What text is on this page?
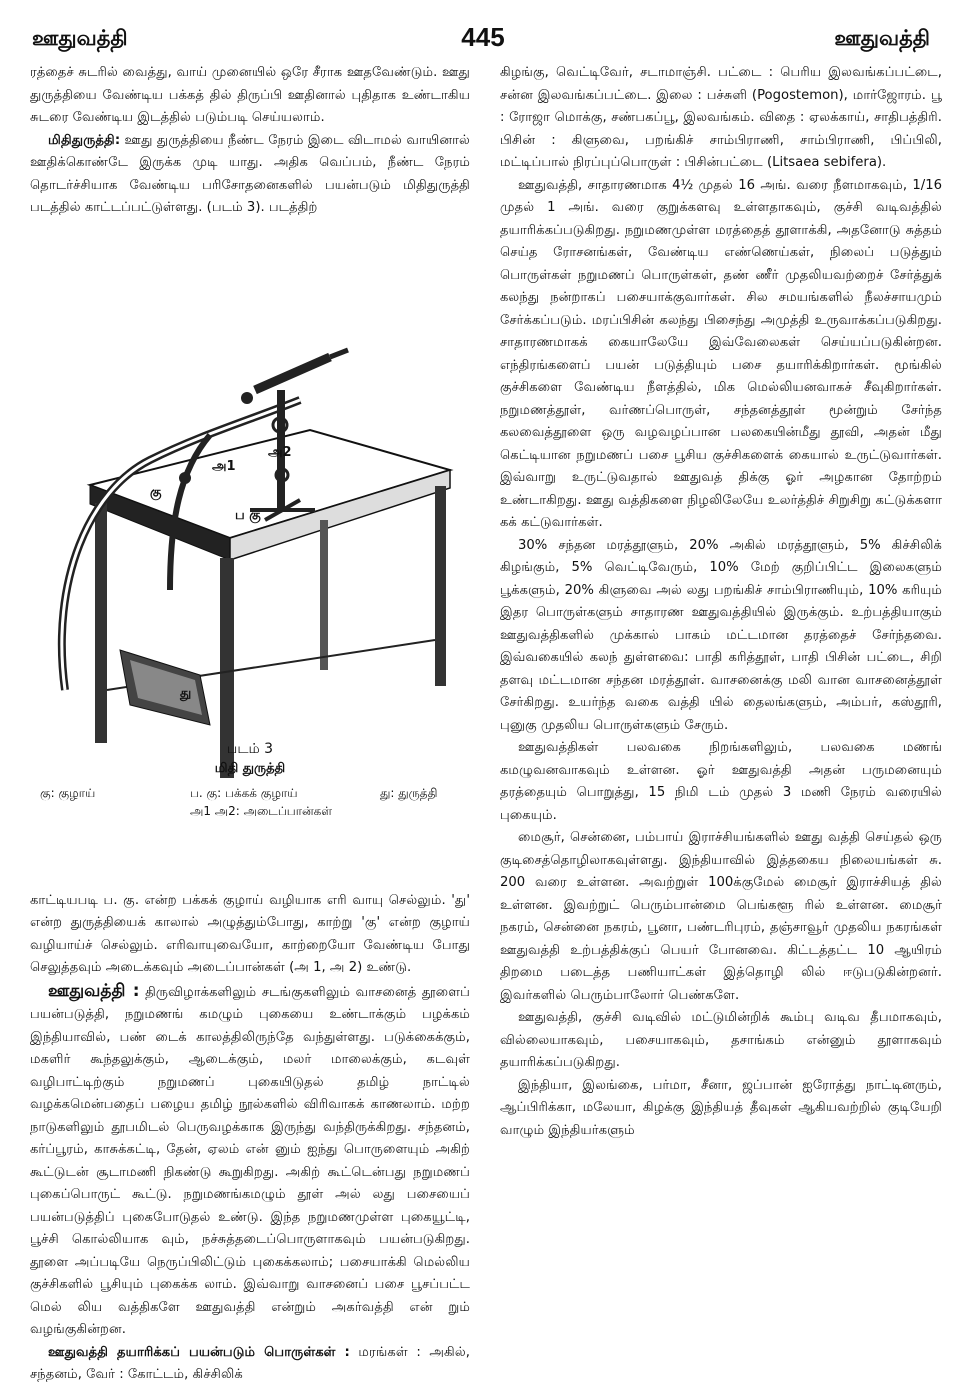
ஊதுவத்தி	445	ஊதுவத்தி

ரத்தைச் சுடரில் வைத்து, வாய் முனையில் ஒரே சீராக ஊதவேண்டும். ஊது துருத்தியை வேண்டிய பக்கத் தில் திருப்பி ஊதினால் புதிதாக உண்டாகிய சுடரை வேண்டிய இடத்தில் படும்படி செய்யலாம்.

மிதிதுருத்தி: ஊது துருத்தியை நீண்ட நேரம் இடை விடாமல் வாயினால் ஊதிக்கொண்டே இருக்க முடி யாது. அதிக வெப்பம், நீண்ட நேரம் தொடர்ச்சியாக வேண்டிய பரிசோதனைகளில் பயன்படும் மிதிதுருத்தி படத்தில் காட்டப்பட்டுள்ளது. (படம் 3). படத்திற்

அ1
அ2
கு
ப கு
து
படம் 3
மிதி துருத்தி
கு: குழாய்	ப. கு: பக்கக் குழாய்	து: துருத்தி
அ1 அ2: அடைப்பான்கள்

காட்டியபடி ப. கு. என்ற பக்கக் குழாய் வழியாக எரி வாயு செல்லும். 'து' என்ற துருத்தியைக் காலால் அழுத்தும்போது, காற்று 'கு' என்ற குழாய் வழியாய்ச் செல்லும். எரிவாயுவையோ, காற்றையோ வேண்டிய போது செலுத்தவும் அடைக்கவும் அடைப்பான்கள் (அ 1, அ 2) உண்டு.

ஊதுவத்தி : திருவிழாக்களிலும் சடங்குகளிலும் வாசனைத் தூளைப் பயன்படுத்தி, நறுமணங் கமழும் புகையை உண்டாக்கும் பழக்கம் இந்தியாவில், பண் டைக் காலத்திலிருந்தே வந்துள்ளது. படுக்கைக்கும், மகளிர் கூந்தலுக்கும், ஆடைக்கும், மலர் மாலைக்கும், கடவுள் வழிபாட்டிற்கும் நறுமணப் புகையிடுதல் தமிழ் நாட்டில் வழக்கமென்பதைப் பழைய தமிழ் நூல்களில் விரிவாகக் காணலாம். மற்ற நாடுகளிலும் தூபமிடல் பெருவழக்காக இருந்து வந்திருக்கிறது. சந்தனம், கர்ப்பூரம், காசுக்கட்டி, தேன், ஏலம் என் னும் ஐந்து பொருளையும் அகிற் கூட்டுடன் சூடாமணி நிகண்டு கூறுகிறது. அகிற் கூட்டென்பது நறுமணப் புகைப்பொருட் கூட்டு. நறுமணங்கமழும் தூள் அல் லது பசையைப் பயன்படுத்திப் புகைபோடுதல் உண்டு. இந்த நறுமணமுள்ள புகையூட்டி, பூச்சி கொல்லியாக வும், நச்சுத்தடைப்பொருளாகவும் பயன்படுகிறது. தூளை அப்படியே நெருப்பிலிட்டும் புகைக்கலாம்; பசையாக்கி மெல்லிய குச்சிகளில் பூசியும் புகைக்க லாம். இவ்வாறு வாசனைப் பசை பூசப்பட்ட மெல் லிய வத்திகளே ஊதுவத்தி என்றும் அகர்வத்தி என் றும் வழங்குகின்றன.

ஊதுவத்தி தயாரிக்கப் பயன்படும் பொருள்கள் : மரங்கள் : அகில், சந்தனம், வேர் : கோட்டம், கிச்சிலிக்

கிழங்கு, வெட்டிவேர், சடாமாஞ்சி. பட்டை : பெரிய இலவங்கப்பட்டை, சன்ன இலவங்கப்பட்டை. இலை : பச்சுளி (Pogostemon), மார்ஜோரம். பூ : ரோஜா மொக்கு, சண்பகப்பூ, இலவங்கம். விதை : ஏலக்காய், சாதிபத்திரி. பிசின் : கிளுவை, பறங்கிச் சாம்பிராணி, சாம்பிராணி, பிப்பிலி, மட்டிப்பால் நிரப்புப்பொருள் : பிசின்பட்டை (Litsaea sebifera).

ஊதுவத்தி, சாதாரணமாக 4½ முதல் 16 அங். வரை நீளமாகவும், 1/16 முதல் 1 அங். வரை குறுக்களவு உள்ளதாகவும், குச்சி வடிவத்தில் தயாரிக்கப்படுகிறது. நறுமணமுள்ள மரத்தைத் தூளாக்கி, அதனோடு சுத்தம் செய்த ரோசனங்கள், வேண்டிய எண்ணெய்கள், நிலைப் படுத்தும் பொருள்கள் நறுமணப் பொருள்கள், தண் ணீர் முதலியவற்றைச் சேர்த்துக் கலந்து நன்றாகப் பசையாக்குவார்கள். சில சமயங்களில் நீலச்சாயமும் சேர்க்கப்படும். மரப்பிசின் கலந்து பிசைந்து அமுத்தி உருவாக்கப்படுகிறது. சாதாரணமாகக் கையாலேயே இவ்வேலைகள் செய்யப்படுகின்றன. எந்திரங்களைப் பயன் படுத்தியும் பசை தயாரிக்கிறார்கள். மூங்கில் குச்சிகளை வேண்டிய நீளத்தில், மிக மெல்லியனவாகச் சீவுகிறார்கள். நறுமணத்தூள், வர்ணப்பொருள், சந்தனத்தூள் மூன்றும் சேர்ந்த கலவைத்தூளை ஒரு வழவழப்பான பலகையின்மீது தூவி, அதன் மீது கெட்டியான நறுமணப் பசை பூசிய குச்சிகளைக் கையால் உருட்டுவார்கள். இவ்வாறு உருட்டுவதால் ஊதுவத் திக்கு ஓர் அழகான தோற்றம் உண்டாகிறது. ஊது வத்திகளை நிழலிலேயே உலர்த்திச் சிறுசிறு கட்டுக்களா கக் கட்டுவார்கள்.

30% சந்தன மரத்தூளும், 20% அகில் மரத்தூளும், 5% கிச்சிலிக் கிழங்கும், 5% வெட்டிவேரும், 10% மேற் குறிப்பிட்ட இலைகளும் பூக்களும், 20% கிளுவை அல் லது பறங்கிச் சாம்பிராணியும், 10% கரியும் இதர பொருள்களும் சாதாரண ஊதுவத்தியில் இருக்கும். உற்பத்தியாகும் ஊதுவத்திகளில் முக்கால் பாகம் மட்டமான தரத்தைச் சேர்ந்தவை. இவ்வகையில் கலந் துள்ளவை: பாதி கரித்தூள், பாதி பிசின் பட்டை, சிறி தளவு மட்டமான சந்தன மரத்தூள். வாசனைக்கு மலி வான வாசனைத்தூள் சேர்கிறது. உயர்ந்த வகை வத்தி யில் தைலங்களும், அம்பர், கஸ்தூரி, புனுகு முதலிய பொருள்களும் சேரும்.

ஊதுவத்திகள் பலவகை நிறங்களிலும், பலவகை மணங் கமழுவனவாகவும் உள்ளன. ஓர் ஊதுவத்தி அதன் பருமனையும் தரத்தையும் பொறுத்து, 15 நிமி டம் முதல் 3 மணி நேரம் வரையில் புகையும்.

மைசூர், சென்னை, பம்பாய் இராச்சியங்களில் ஊது வத்தி செய்தல் ஒரு குடிசைத்தொழிலாகவுள்ளது. இந்தியாவில் இத்தகைய நிலையங்கள் சு. 200 வரை உள்ளன. அவற்றுள் 100க்குமேல் மைசூர் இராச்சியத் தில் உள்ளன. இவற்றுட் பெரும்பான்மை பெங்களூ ரில் உள்ளன. மைசூர் நகரம், சென்னை நகரம், பூனா, பண்டரிபுரம், தஞ்சாவூர் முதலிய நகரங்கள் ஊதுவத்தி உற்பத்திக்குப் பெயர் போனவை. கிட்டத்தட்ட 10 ஆயிரம் திறமை படைத்த பணியாட்கள் இத்தொழி லில் ஈடுபடுகின்றனர். இவர்களில் பெரும்பாலோர் பெண்களே.

ஊதுவத்தி, குச்சி வடிவில் மட்டுமின்றிக் கூம்பு வடிவ தீபமாகவும், வில்லையாகவும், பசையாகவும், தசாங்கம் என்னும் தூளாகவும் தயாரிக்கப்படுகிறது.

இந்தியா, இலங்கை, பர்மா, சீனா, ஜப்பான் ஐரோத்து நாட்டினரும், ஆப்பிரிக்கா, மலேயா, கிழக்கு இந்தியத் தீவுகள் ஆகியவற்றில் குடியேறி வாழும் இந்தியர்களும்
